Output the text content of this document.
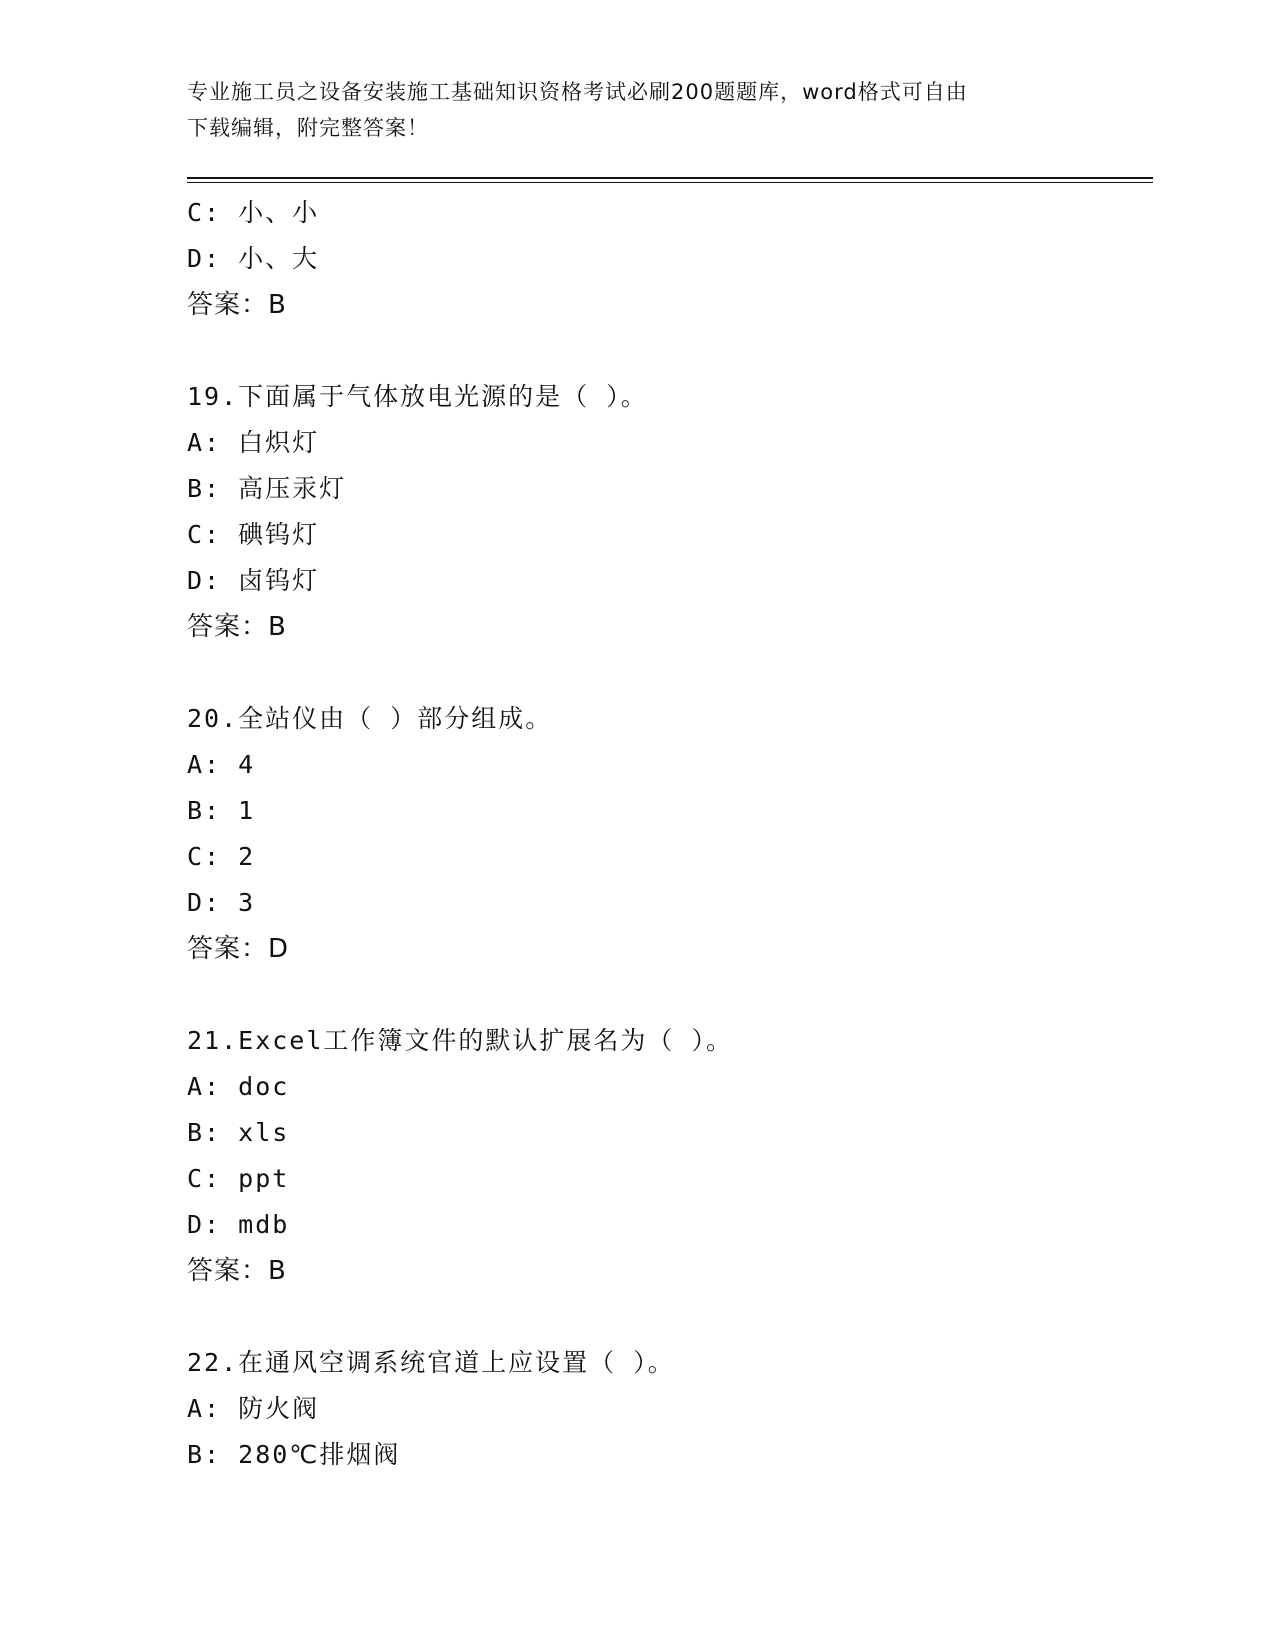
专业施工员之设备安装施工基础知识资格考试必刷200题题库，word格式可自由
下载编辑，附完整答案！
C: 小、小
D: 小、大
答案：B
19.下面属于气体放电光源的是（ ）。
A: 白炽灯
B: 高压汞灯
C: 碘钨灯
D: 卤钨灯
答案：B
20.全站仪由（ ）部分组成。
A: 4
B: 1
C: 2
D: 3
答案：D
21.Excel工作簿文件的默认扩展名为（ ）。
A: doc
B: xls
C: ppt
D: mdb
答案：B
22.在通风空调系统官道上应设置（ ）。
A: 防火阀
B: 280℃排烟阀
